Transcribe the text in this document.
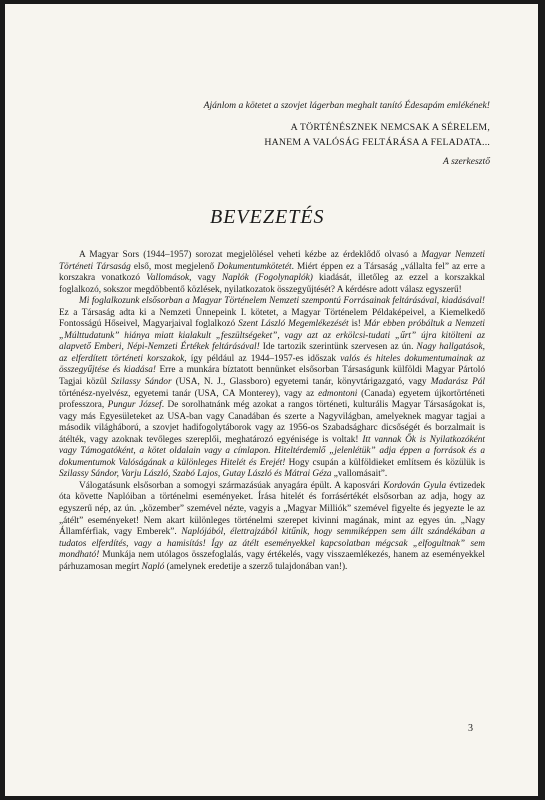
Ajánlom a kötetet a szovjet lágerban meghalt tanító Édesapám emlékének!
A TÖRTÉNÉSZNEK NEMCSAK A SÉRELEM,
HANEM A VALÓSÁG FELTÁRÁSA A FELADATA...
A szerkesztő
BEVEZETÉS

A Magyar Sors (1944–1957) sorozat megjelölésel veheti kézbe az érdeklődő olvasó a Magyar Nemzeti Történeti Társaság első, most megjelenő Dokumentumkötetét. Miért éppen ez a Társaság „vállalta fel” az erre a korszakra vonatkozó Vallomások, vagy Naplók (Fogolynaplók) kiadását, illetőleg az ezzel a korszakkal foglalkozó, sokszor megdöbbentő közlések, nyilatkozatok összegyűjtését? A kérdésre adott válasz egyszerű!

Mi foglalkozunk elsősorban a Magyar Történelem Nemzeti szempontú Forrásainak feltárásával, kiadásával! Ez a Társaság adta ki a Nemzeti Ünnepeink I. kötetet, a Magyar Történelem Példaképeivel, a Kiemelkedő Fontosságú Hőseivel, Magyarjaival foglalkozó Szent László Megemlékezését is! Már ebben próbáltuk a Nemzeti „Múlttudatunk” hiánya miatt kialakult „feszültségeket”, vagy azt az erkölcsi-tudati „űrt” újra kitölteni az alapvető Emberi, Népi-Nemzeti Értékek feltárásával! Ide tartozik szerintünk szervesen az ún. Nagy hallgatások, az elferdített történeti korszakok, így például az 1944–1957-es időszak valós és hiteles dokumentumainak az összegyűjtése és kiadása! Erre a munkára bíztatott bennünket elsősorban Társaságunk külföldi Magyar Pártoló Tagjai közül Szilassy Sándor (USA, N. J., Glassboro) egyetemi tanár, könyvtárigazgató, vagy Madarász Pál történész-nyelvész, egyetemi tanár (USA, CA Monterey), vagy az edmontoni (Canada) egyetem újkortörténeti professzora, Pungur József. De sorolhatnánk még azokat a rangos történeti, kulturális Magyar Társaságokat is, vagy más Egyesületeket az USA-ban vagy Canadában és szerte a Nagyvilágban, amelyeknek magyar tagjai a második világháború, a szovjet hadifogolytáborok vagy az 1956-os Szabadságharc dicsőségét és borzalmait is átélték, vagy azoknak tevőleges szereplői, meghatározó egyénisége is voltak! Itt vannak Ők is Nyilatkozóként vagy Támogatóként, a kötet oldalain vagy a címlapon. Hiteltérdemlő „jelenlétük” adja éppen a források és a dokumentumok Valóságának a különleges Hitelét és Erejét! Hogy csupán a külföldieket említsem és közülük is Szilassy Sándor, Varju László, Szabó Lajos, Gutay László és Mátrai Géza „vallomásait”.

Válogatásunk elsősorban a somogyi származásúak anyagára épült. A kaposvári Kordován Gyula évtizedek óta követte Naplóiban a történelmi eseményeket. Írása hitelét és forrásértékét elsősorban az adja, hogy az egyszerű nép, az ún. „közember” szemével nézte, vagyis a „Magyar Milliók” szemével figyelte és jegyezte le az „átélt” eseményeket! Nem akart különleges történelmi szerepet kivinni magának, mint az egyes ún. „Nagy Államférfiak, vagy Emberek”. Naplójából, élettrajzából kitűnik, hogy semmiképpen sem állt szándékában a tudatos elferdítés, vagy a hamisítás! Így az átélt eseményekkel kapcsolatban mégcsak „elfogultnak” sem mondható! Munkája nem utólagos összefoglalás, vagy értékelés, vagy visszaemlékezés, hanem az eseményekkel párhuzamosan megírt Napló (amelynek eredetije a szerző tulajdonában van!).

3
